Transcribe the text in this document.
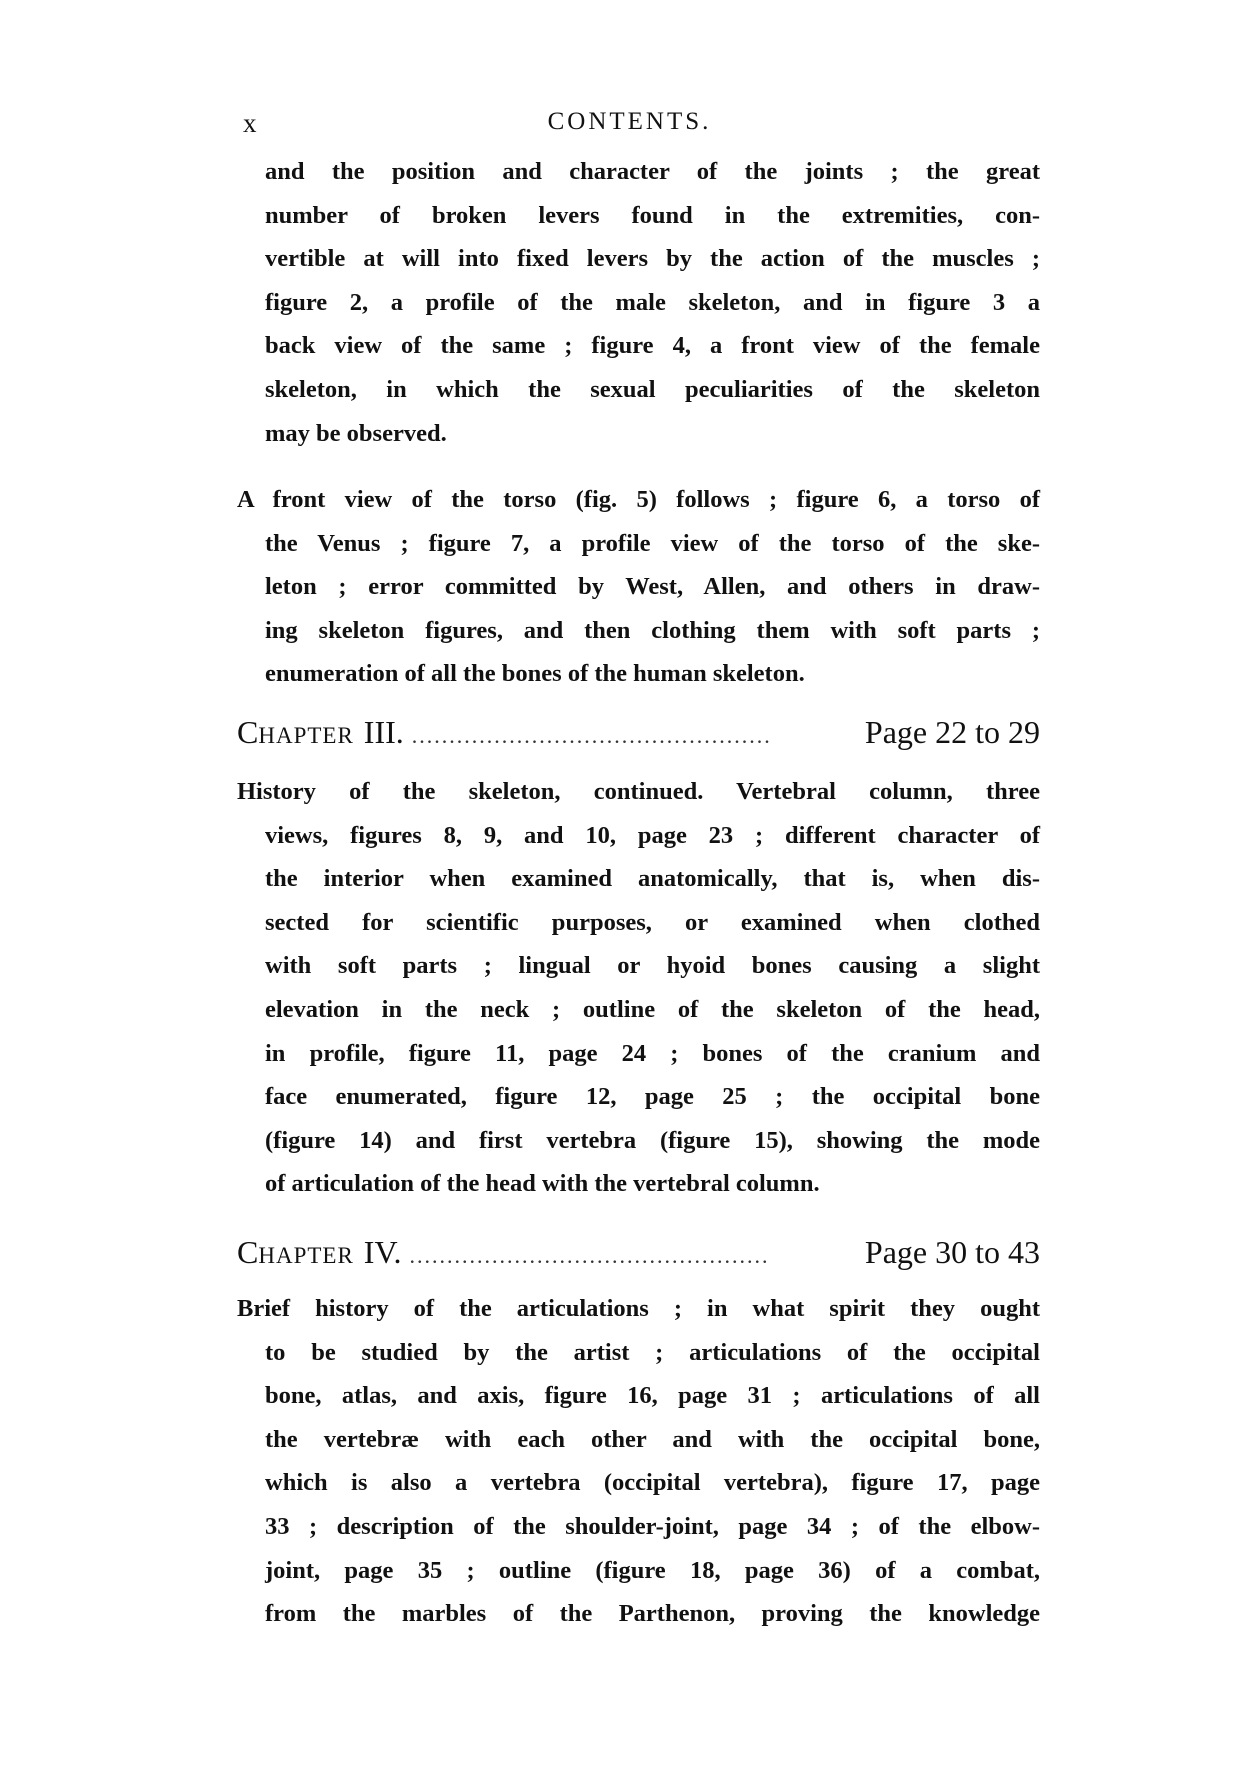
x	CONTENTS.

and the position and character of the joints ; the great
number of broken levers found in the extremities, con-
vertible at will into fixed levers by the action of the muscles ;
figure 2, a profile of the male skeleton, and in figure 3 a
back view of the same ; figure 4, a front view of the female
skeleton, in which the sexual peculiarities of the skeleton
may be observed.

A front view of the torso (fig. 5) follows ; figure 6, a torso of
the Venus ; figure 7, a profile view of the torso of the ske-
leton ; error committed by West, Allen, and others in draw-
ing skeleton figures, and then clothing them with soft parts ;
enumeration of all the bones of the human skeleton.

CHAPTER III. ................................................	Page 22 to 29

History of the skeleton, continued. Vertebral column, three
views, figures 8, 9, and 10, page 23 ; different character of
the interior when examined anatomically, that is, when dis-
sected for scientific purposes, or examined when clothed
with soft parts ; lingual or hyoid bones causing a slight
elevation in the neck ; outline of the skeleton of the head,
in profile, figure 11, page 24 ; bones of the cranium and
face enumerated, figure 12, page 25 ; the occipital bone
(figure 14) and first vertebra (figure 15), showing the mode
of articulation of the head with the vertebral column.

CHAPTER IV. ................................................	Page 30 to 43

Brief history of the articulations ; in what spirit they ought
to be studied by the artist ; articulations of the occipital
bone, atlas, and axis, figure 16, page 31 ; articulations of all
the vertebræ with each other and with the occipital bone,
which is also a vertebra (occipital vertebra), figure 17, page
33 ; description of the shoulder-joint, page 34 ; of the elbow-
joint, page 35 ; outline (figure 18, page 36) of a combat,
from the marbles of the Parthenon, proving the knowledge
